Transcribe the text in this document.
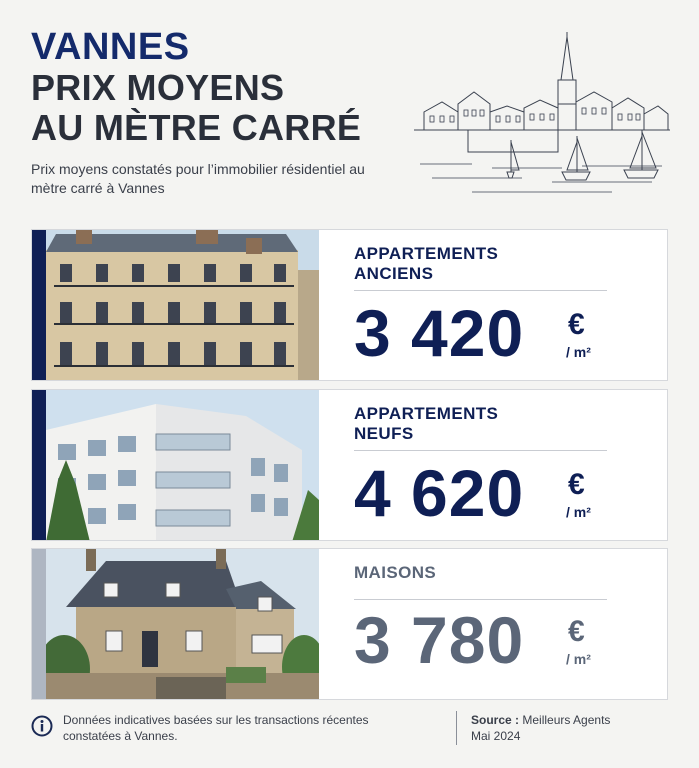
VANNES
PRIX MOYENS
AU MÈTRE CARRÉ
Prix moyens constatés pour l’immobilier résidentiel au mètre carré à Vannes
APPARTEMENTS
ANCIENS
3 420 €
/ m²
APPARTEMENTS
NEUFS
4 620 €
/ m²
MAISONS
3 780 €
/ m²
Données indicatives basées sur les transactions récentes constatées à Vannes.
Source : Meilleurs Agents
Mai 2024
